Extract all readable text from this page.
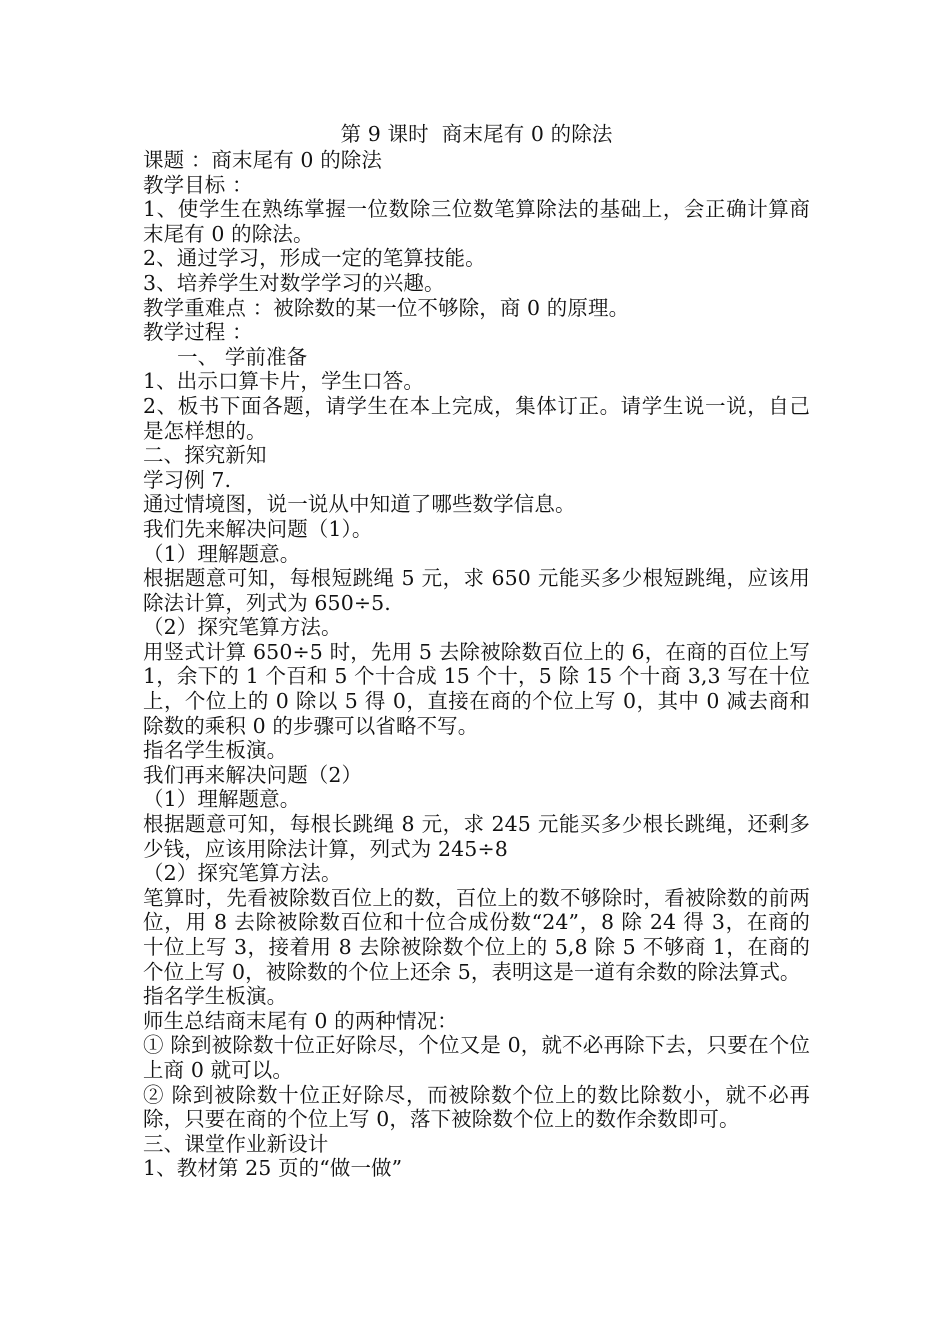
第 9 课时  商末尾有 0 的除法
课题 ：商末尾有 0 的除法
教学目标 ：
1、使学生在熟练掌握一位数除三位数笔算除法的基础上，会正确计算商末尾有 0 的除法。
2、通过学习，形成一定的笔算技能。
3、培养学生对数学学习的兴趣。
教学重难点 ：被除数的某一位不够除，商 0 的原理。
教学过程 ：
一、 学前准备
1、出示口算卡片，学生口答。
2、板书下面各题，请学生在本上完成，集体订正。请学生说一说，自己是怎样想的。
二、探究新知
学习例 7.
通过情境图，说一说从中知道了哪些数学信息。
我们先来解决问题（1）。
（1）理解题意。
根据题意可知，每根短跳绳 5 元，求 650 元能买多少根短跳绳，应该用除法计算，列式为 650÷5.
（2）探究笔算方法。
用竖式计算 650÷5 时，先用 5 去除被除数百位上的 6，在商的百位上写 1，余下的 1 个百和 5 个十合成 15 个十，5 除 15 个十商 3,3 写在十位上，个位上的 0 除以 5 得 0，直接在商的个位上写 0，其中 0 减去商和除数的乘积 0 的步骤可以省略不写。
指名学生板演。
我们再来解决问题（2）
（1）理解题意。
根据题意可知，每根长跳绳 8 元，求 245 元能买多少根长跳绳，还剩多少钱，应该用除法计算，列式为 245÷8
（2）探究笔算方法。
笔算时，先看被除数百位上的数，百位上的数不够除时，看被除数的前两位，用 8 去除被除数百位和十位合成份数“24”，8 除 24 得 3，在商的十位上写 3，接着用 8 去除被除数个位上的 5,8 除 5 不够商 1，在商的个位上写 0，被除数的个位上还余 5，表明这是一道有余数的除法算式。
指名学生板演。
师生总结商末尾有 0 的两种情况：
① 除到被除数十位正好除尽，个位又是 0，就不必再除下去，只要在个位上商 0 就可以。
② 除到被除数十位正好除尽，而被除数个位上的数比除数小，就不必再除，只要在商的个位上写 0，落下被除数个位上的数作余数即可。
三、课堂作业新设计
1、教材第 25 页的“做一做”
